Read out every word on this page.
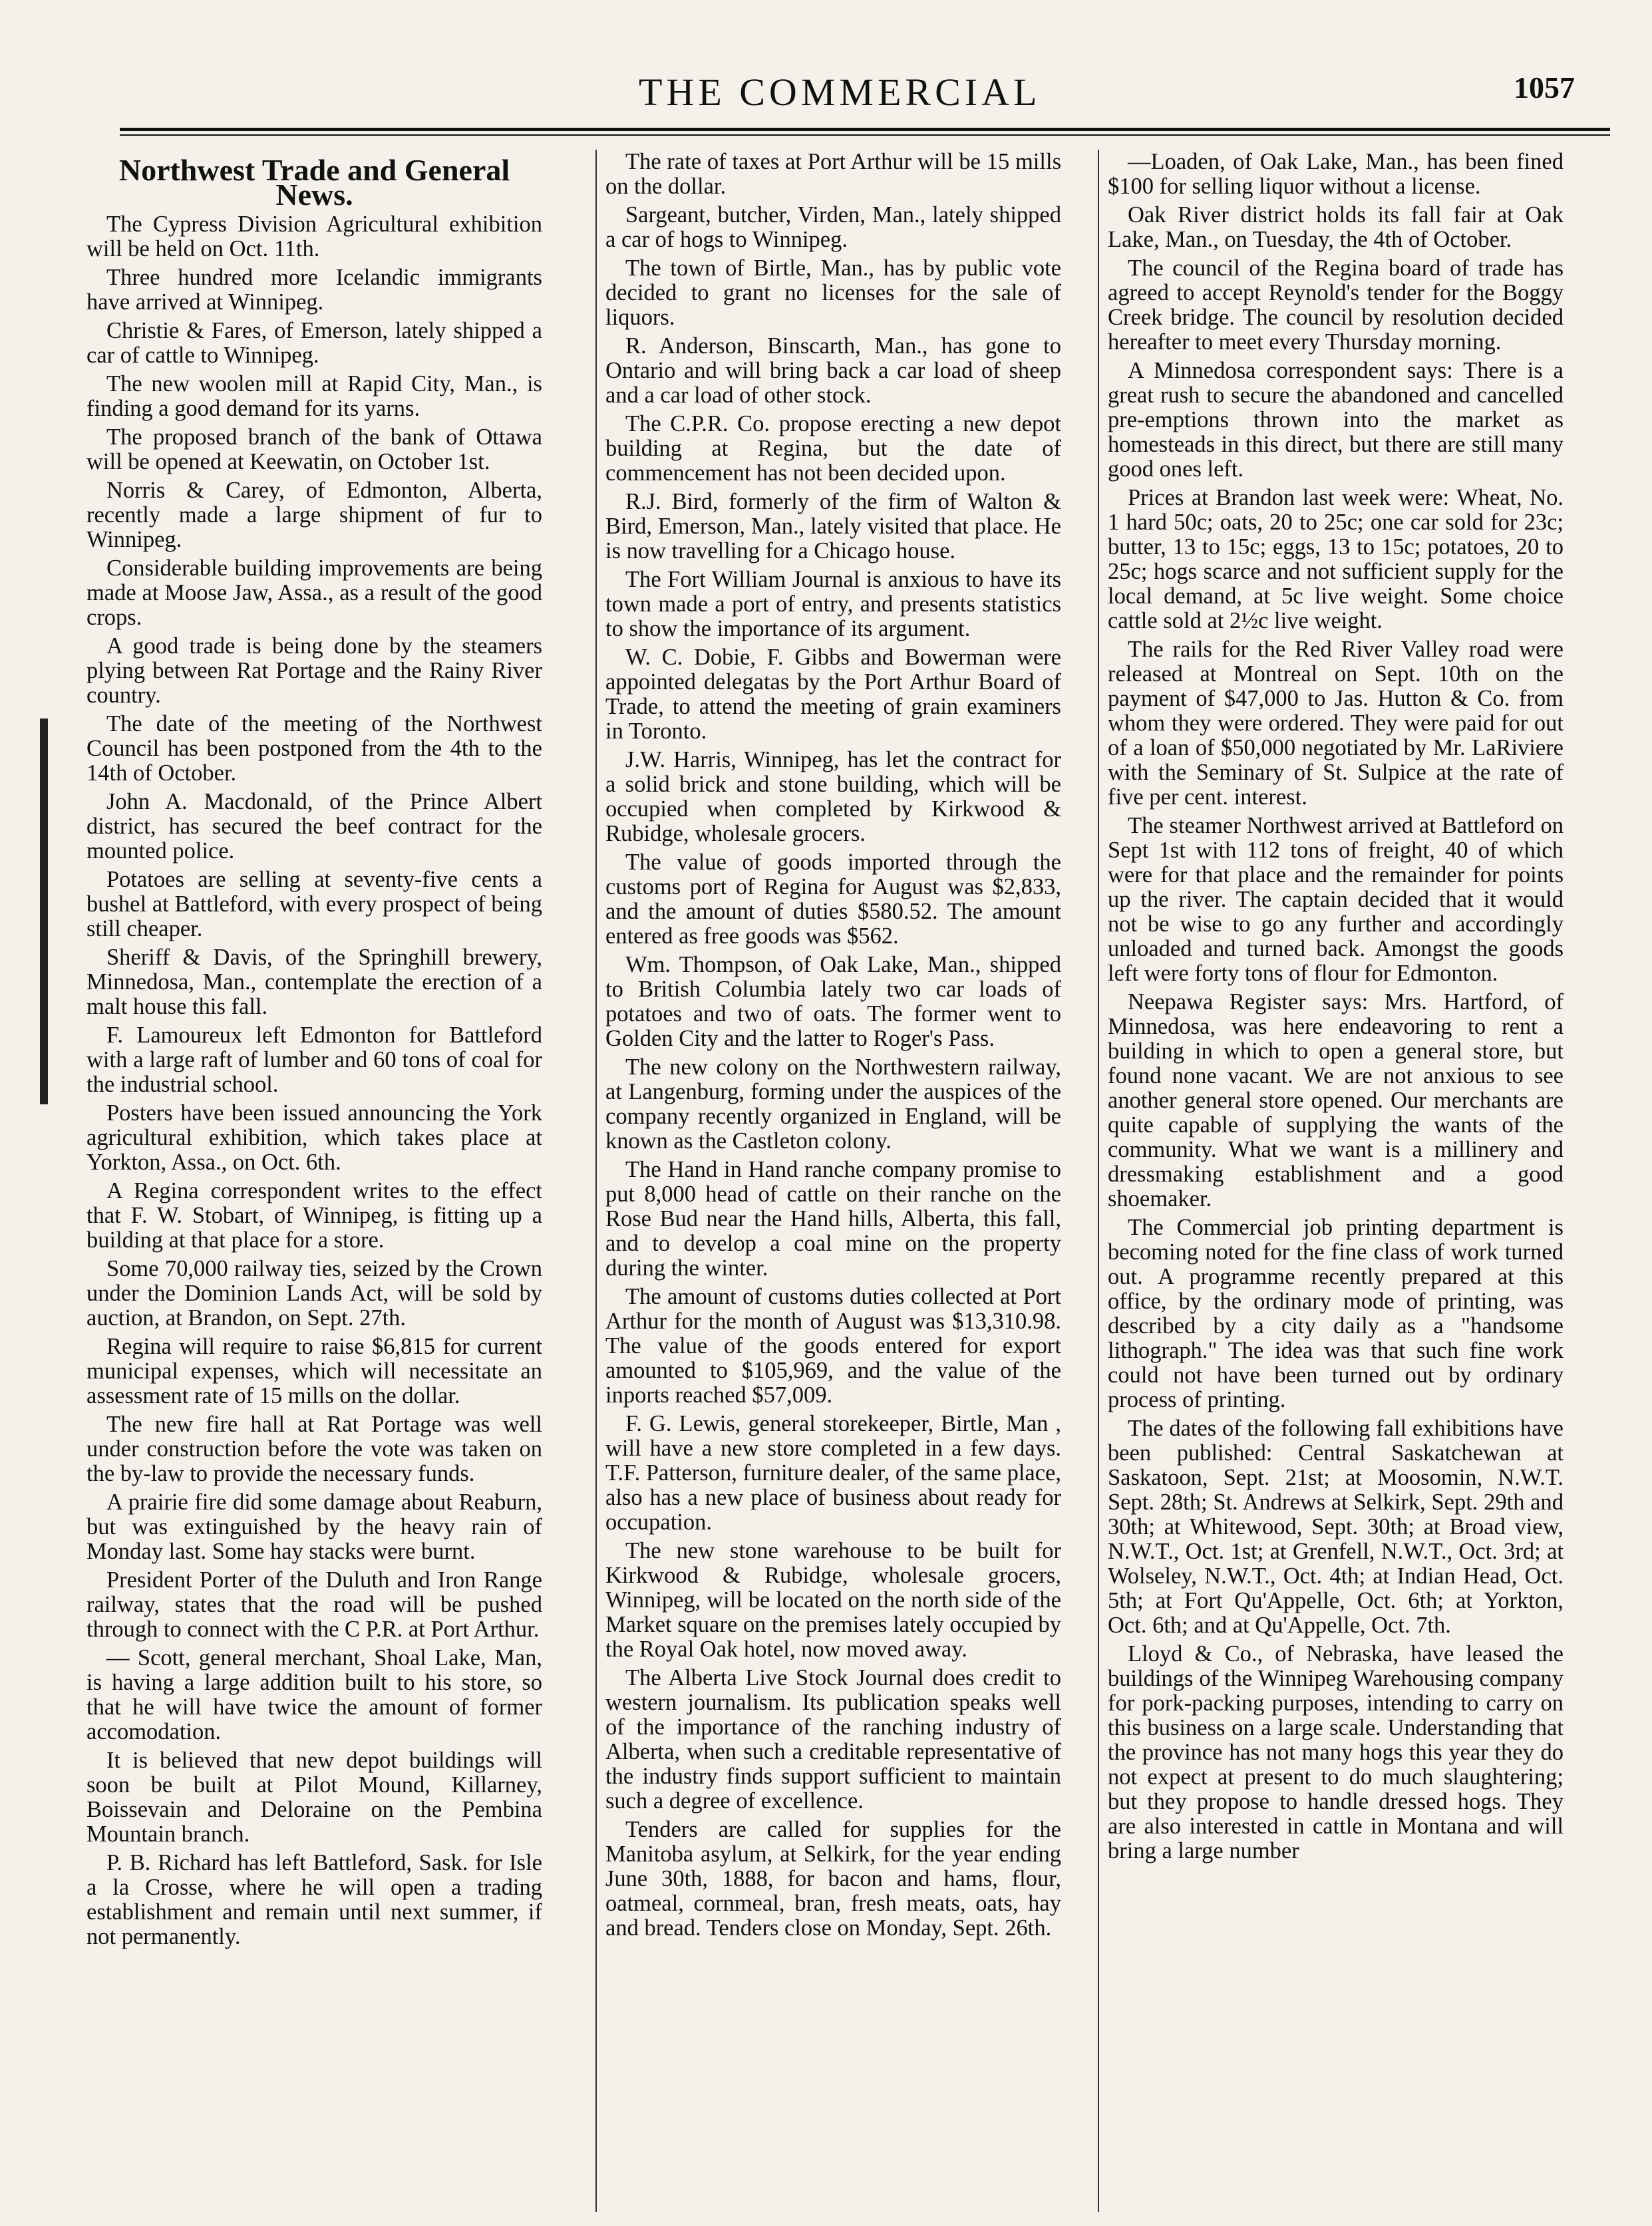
THE COMMERCIAL	1057
Northwest Trade and General News.

The Cypress Division Agricultural exhibition will be held on Oct. 11th.

Three hundred more Icelandic immigrants have arrived at Winnipeg.

Christie & Fares, of Emerson, lately shipped a car of cattle to Winnipeg.

The new woolen mill at Rapid City, Man., is finding a good demand for its yarns.

The proposed branch of the bank of Ottawa will be opened at Keewatin, on October 1st.

Norris & Carey, of Edmonton, Alberta, recently made a large shipment of fur to Winnipeg.

Considerable building improvements are being made at Moose Jaw, Assa., as a result of the good crops.

A good trade is being done by the steamers plying between Rat Portage and the Rainy River country.

The date of the meeting of the Northwest Council has been postponed from the 4th to the 14th of October.

John A. Macdonald, of the Prince Albert district, has secured the beef contract for the mounted police.

Potatoes are selling at seventy-five cents a bushel at Battleford, with every prospect of being still cheaper.

Sheriff & Davis, of the Springhill brewery, Minnedosa, Man., contemplate the erection of a malt house this fall.

F. Lamoureux left Edmonton for Battleford with a large raft of lumber and 60 tons of coal for the industrial school.

Posters have been issued announcing the York agricultural exhibition, which takes place at Yorkton, Assa., on Oct. 6th.

A Regina correspondent writes to the effect that F. W. Stobart, of Winnipeg, is fitting up a building at that place for a store.

Some 70,000 railway ties, seized by the Crown under the Dominion Lands Act, will be sold by auction, at Brandon, on Sept. 27th.

Regina will require to raise $6,815 for current municipal expenses, which will necessitate an assessment rate of 15 mills on the dollar.

The new fire hall at Rat Portage was well under construction before the vote was taken on the by-law to provide the necessary funds.

A prairie fire did some damage about Reaburn, but was extinguished by the heavy rain of Monday last. Some hay stacks were burnt.

President Porter of the Duluth and Iron Range railway, states that the road will be pushed through to connect with the C P.R. at Port Arthur.

— Scott, general merchant, Shoal Lake, Man, is having a large addition built to his store, so that he will have twice the amount of former accomodation.

It is believed that new depot buildings will soon be built at Pilot Mound, Killarney, Boissevain and Deloraine on the Pembina Mountain branch.

P. B. Richard has left Battleford, Sask. for Isle a la Crosse, where he will open a trading establishment and remain until next summer, if not permanently.

The rate of taxes at Port Arthur will be 15 mills on the dollar.

Sargeant, butcher, Virden, Man., lately shipped a car of hogs to Winnipeg.

The town of Birtle, Man., has by public vote decided to grant no licenses for the sale of liquors.

R. Anderson, Binscarth, Man., has gone to Ontario and will bring back a car load of sheep and a car load of other stock.

The C.P.R. Co. propose erecting a new depot building at Regina, but the date of commencement has not been decided upon.

R.J. Bird, formerly of the firm of Walton & Bird, Emerson, Man., lately visited that place. He is now travelling for a Chicago house.

The Fort William Journal is anxious to have its town made a port of entry, and presents statistics to show the importance of its argument.

W. C. Dobie, F. Gibbs and Bowerman were appointed delegatas by the Port Arthur Board of Trade, to attend the meeting of grain examiners in Toronto.

J.W. Harris, Winnipeg, has let the contract for a solid brick and stone building, which will be occupied when completed by Kirkwood & Rubidge, wholesale grocers.

The value of goods imported through the customs port of Regina for August was $2,833, and the amount of duties $580.52. The amount entered as free goods was $562.

Wm. Thompson, of Oak Lake, Man., shipped to British Columbia lately two car loads of potatoes and two of oats. The former went to Golden City and the latter to Roger's Pass.

The new colony on the Northwestern railway, at Langenburg, forming under the auspices of the company recently organized in England, will be known as the Castleton colony.

The Hand in Hand ranche company promise to put 8,000 head of cattle on their ranche on the Rose Bud near the Hand hills, Alberta, this fall, and to develop a coal mine on the property during the winter.

The amount of customs duties collected at Port Arthur for the month of August was $13,310.98. The value of the goods entered for export amounted to $105,969, and the value of the inports reached $57,009.

F. G. Lewis, general storekeeper, Birtle, Man , will have a new store completed in a few days. T.F. Patterson, furniture dealer, of the same place, also has a new place of business about ready for occupation.

The new stone warehouse to be built for Kirkwood & Rubidge, wholesale grocers, Winnipeg, will be located on the north side of the Market square on the premises lately occupied by the Royal Oak hotel, now moved away.

The Alberta Live Stock Journal does credit to western journalism. Its publication speaks well of the importance of the ranching industry of Alberta, when such a creditable representative of the industry finds support sufficient to maintain such a degree of excellence.

Tenders are called for supplies for the Manitoba asylum, at Selkirk, for the year ending June 30th, 1888, for bacon and hams, flour, oatmeal, cornmeal, bran, fresh meats, oats, hay and bread. Tenders close on Monday, Sept. 26th.

—Loaden, of Oak Lake, Man., has been fined $100 for selling liquor without a license.

Oak River district holds its fall fair at Oak Lake, Man., on Tuesday, the 4th of October.

The council of the Regina board of trade has agreed to accept Reynold's tender for the Boggy Creek bridge. The council by resolution decided hereafter to meet every Thursday morning.

A Minnedosa correspondent says: There is a great rush to secure the abandoned and cancelled pre-emptions thrown into the market as homesteads in this direct, but there are still many good ones left.

Prices at Brandon last week were: Wheat, No. 1 hard 50c; oats, 20 to 25c; one car sold for 23c; butter, 13 to 15c; eggs, 13 to 15c; potatoes, 20 to 25c; hogs scarce and not sufficient supply for the local demand, at 5c live weight. Some choice cattle sold at 2½c live weight.

The rails for the Red River Valley road were released at Montreal on Sept. 10th on the payment of $47,000 to Jas. Hutton & Co. from whom they were ordered. They were paid for out of a loan of $50,000 negotiated by Mr. LaRiviere with the Seminary of St. Sulpice at the rate of five per cent. interest.

The steamer Northwest arrived at Battleford on Sept 1st with 112 tons of freight, 40 of which were for that place and the remainder for points up the river. The captain decided that it would not be wise to go any further and accordingly unloaded and turned back. Amongst the goods left were forty tons of flour for Edmonton.

Neepawa Register says: Mrs. Hartford, of Minnedosa, was here endeavoring to rent a building in which to open a general store, but found none vacant. We are not anxious to see another general store opened. Our merchants are quite capable of supplying the wants of the community. What we want is a millinery and dressmaking establishment and a good shoemaker.

The Commercial job printing department is becoming noted for the fine class of work turned out. A programme recently prepared at this office, by the ordinary mode of printing, was described by a city daily as a "handsome lithograph." The idea was that such fine work could not have been turned out by ordinary process of printing.

The dates of the following fall exhibitions have been published: Central Saskatchewan at Saskatoon, Sept. 21st; at Moosomin, N.W.T. Sept. 28th; St. Andrews at Selkirk, Sept. 29th and 30th; at Whitewood, Sept. 30th; at Broad view, N.W.T., Oct. 1st; at Grenfell, N.W.T., Oct. 3rd; at Wolseley, N.W.T., Oct. 4th; at Indian Head, Oct. 5th; at Fort Qu'Appelle, Oct. 6th; at Yorkton, Oct. 6th; and at Qu'Appelle, Oct. 7th.

Lloyd & Co., of Nebraska, have leased the buildings of the Winnipeg Warehousing company for pork-packing purposes, intending to carry on this business on a large scale. Understanding that the province has not many hogs this year they do not expect at present to do much slaughtering; but they propose to handle dressed hogs. They are also interested in cattle in Montana and will bring a large number
